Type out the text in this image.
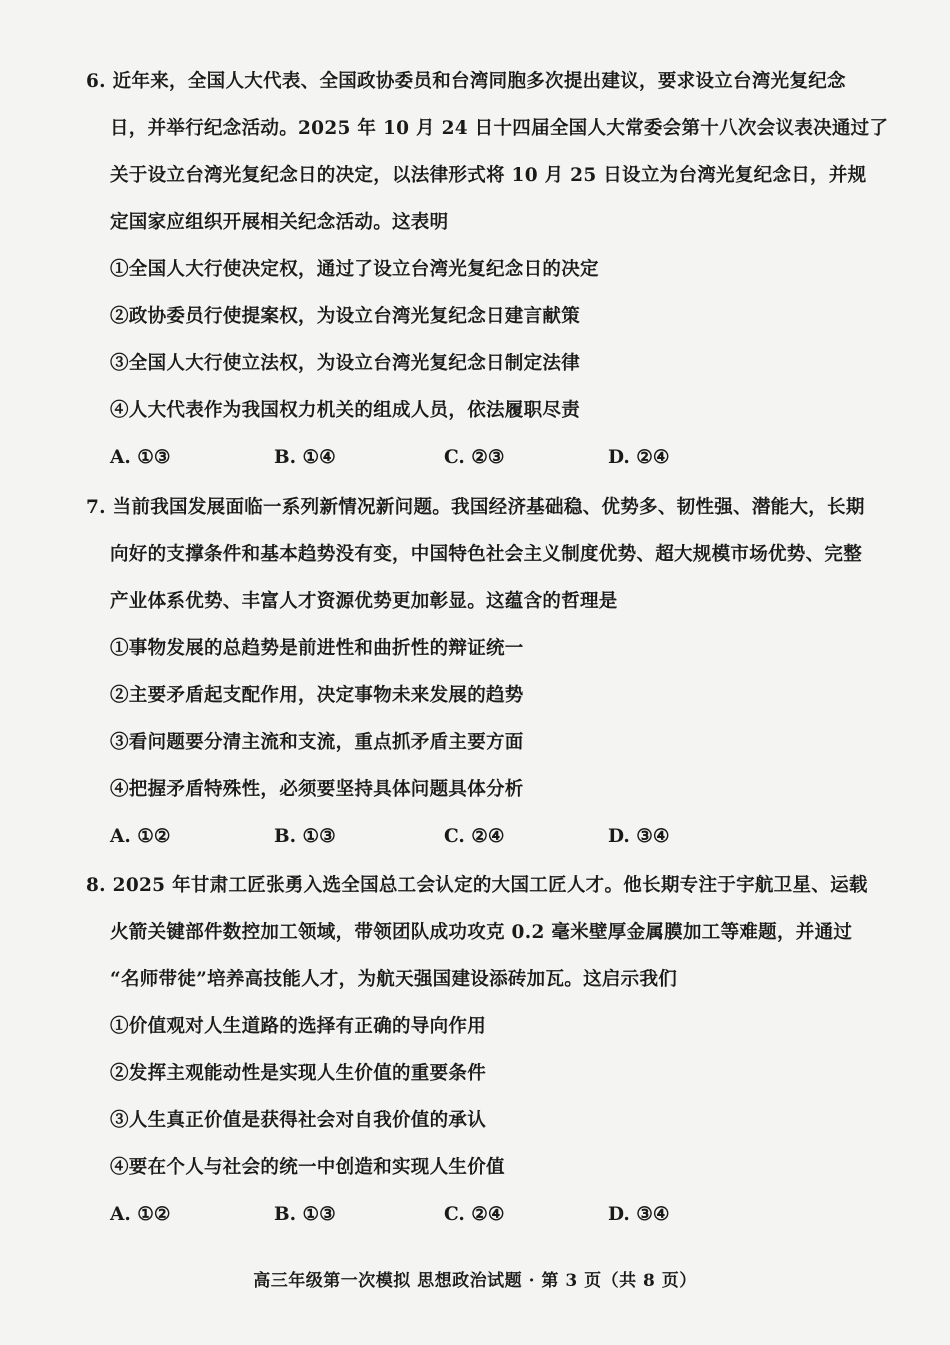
6. 近年来，全国人大代表、全国政协委员和台湾同胞多次提出建议，要求设立台湾光复纪念
日，并举行纪念活动。2025 年 10 月 24 日十四届全国人大常委会第十八次会议表决通过了
关于设立台湾光复纪念日的决定，以法律形式将 10 月 25 日设立为台湾光复纪念日，并规
定国家应组织开展相关纪念活动。这表明
①全国人大行使决定权，通过了设立台湾光复纪念日的决定
②政协委员行使提案权，为设立台湾光复纪念日建言献策
③全国人大行使立法权，为设立台湾光复纪念日制定法律
④人大代表作为我国权力机关的组成人员，依法履职尽责
A. ①③	B. ①④	C. ②③	D. ②④
7. 当前我国发展面临一系列新情况新问题。我国经济基础稳、优势多、韧性强、潜能大，长期
向好的支撑条件和基本趋势没有变，中国特色社会主义制度优势、超大规模市场优势、完整
产业体系优势、丰富人才资源优势更加彰显。这蕴含的哲理是
①事物发展的总趋势是前进性和曲折性的辩证统一
②主要矛盾起支配作用，决定事物未来发展的趋势
③看问题要分清主流和支流，重点抓矛盾主要方面
④把握矛盾特殊性，必须要坚持具体问题具体分析
A. ①②	B. ①③	C. ②④	D. ③④
8. 2025 年甘肃工匠张勇入选全国总工会认定的大国工匠人才。他长期专注于宇航卫星、运载
火箭关键部件数控加工领域，带领团队成功攻克 0.2 毫米壁厚金属膜加工等难题，并通过
“名师带徒”培养高技能人才，为航天强国建设添砖加瓦。这启示我们
①价值观对人生道路的选择有正确的导向作用
②发挥主观能动性是实现人生价值的重要条件
③人生真正价值是获得社会对自我价值的承认
④要在个人与社会的统一中创造和实现人生价值
A. ①②	B. ①③	C. ②④	D. ③④
高三年级第一次模拟 思想政治试题 · 第 3 页（共 8 页）
